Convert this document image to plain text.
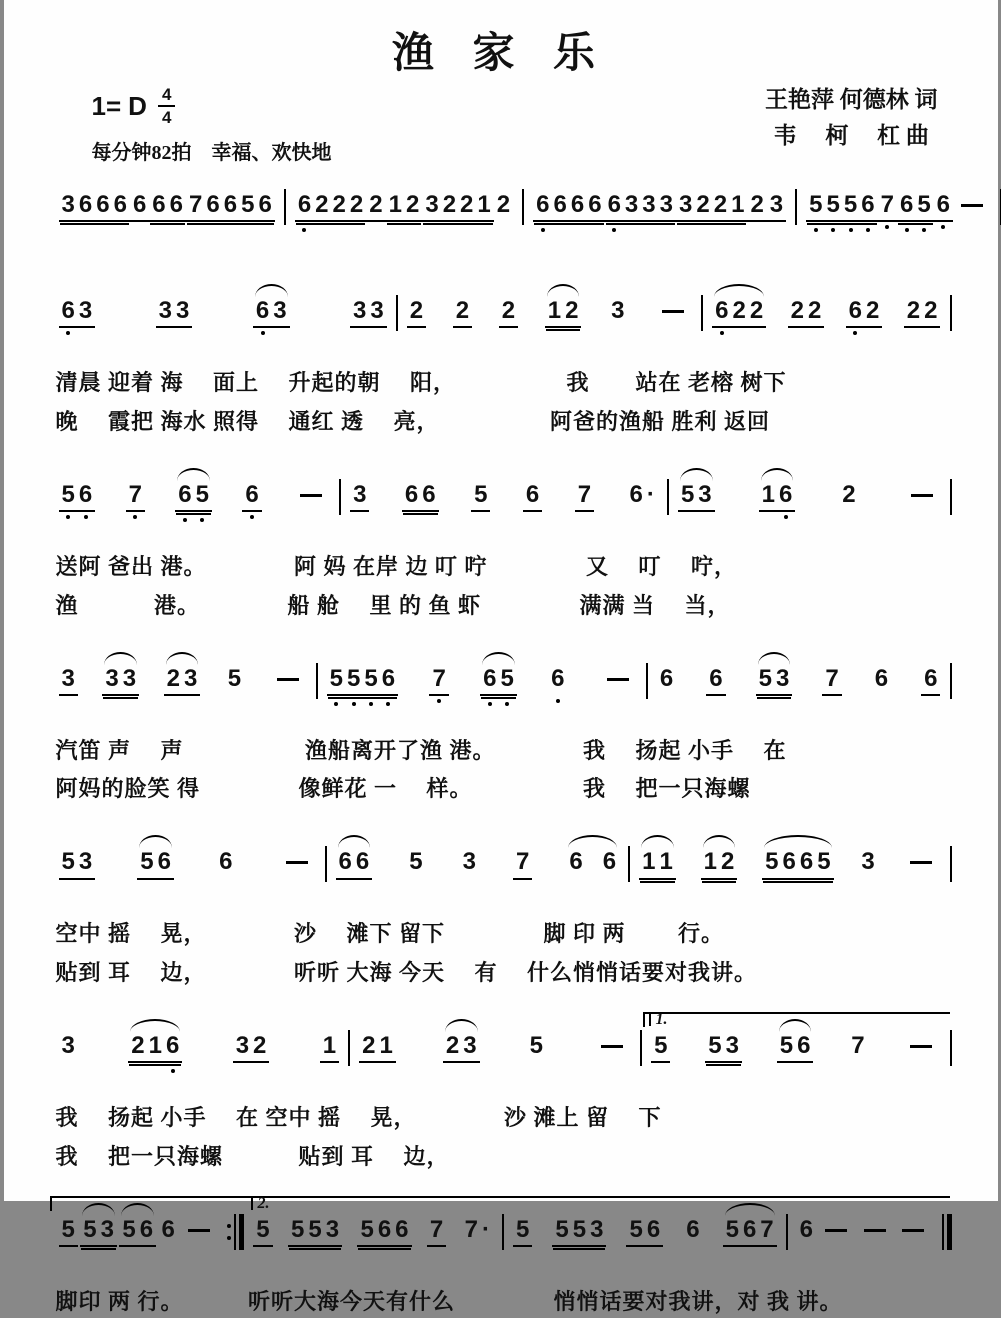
渔 家 乐
1= D $\frac{4}{4}$
每分钟82拍　幸福、欢快地
王艳萍 何德林 词
韦　 柯　 杠 曲
3 6 6 6 6 6 6 7 6 6 5 6 6 2 2 2 2 1 2 3 2 2 1 2 6 6 6 6 6 3 3 3 3 2 2 1 2 3 5 5 5 6 7 6 5 6
6 3	3 3	6 3	3 3 2 2 2 1 2 3	6 2 2 2 2 6 2 2 2
清晨 迎着 海　 面上　 升起的朝　 阳，　　　　　 我　　站在 老榕 树下
晚　 霞把 海水 照得　 通红 透　 亮，　　　　　 阿爸的渔船 胜利 返回
5 6 7 6 5 6	3 6 6 5 6 7 6 · 5 3 1 6 2
送阿 爸出 港。　　　　 阿 妈 在岸 边 叮 咛　　　　 又　 叮　 咛，
渔　　　 港。　　　　 船 舱　 里 的 鱼 虾　　　　 满满 当　 当，
3 3 3 2 3 5	5 5 5 6 7 6 5 6	6 6 5 3 7 6 6
汽笛 声　 声　　　　　 渔船离开了渔 港。　　　　 我　 扬起 小手　 在
阿妈的脸笑 得　　　　 像鲜花 一　 样。　　　　　 我　 把一只海螺
5 3 5 6 6	6 6 5 3 7 6 6 1 1 1 2 5 6 6 5 3
空中 摇　 晃，　　　　 沙　 滩下 留下　　　　 脚 印 两　　 行。
贴到 耳　 边，　　　　 听听 大海 今天　 有　 什么悄悄话要对我讲。
3 2 1 6 3 2 1 2 1 2 3 5	5 5 3 5 6 7
1.
我　 扬起 小手　 在 空中 摇　 晃，　　　　 沙 滩上 留　 下
我　 把一只海螺　　　 贴到 耳　 边，
5 5 3 5 6 6	5 5 5 3 5 6 6 7 7 · 5 5 5 3 5 6 6 5 6 7 6
2.
脚印 两 行。　　　 听听大海今天有什么　　　　 悄悄话要对我讲，对 我 讲。
